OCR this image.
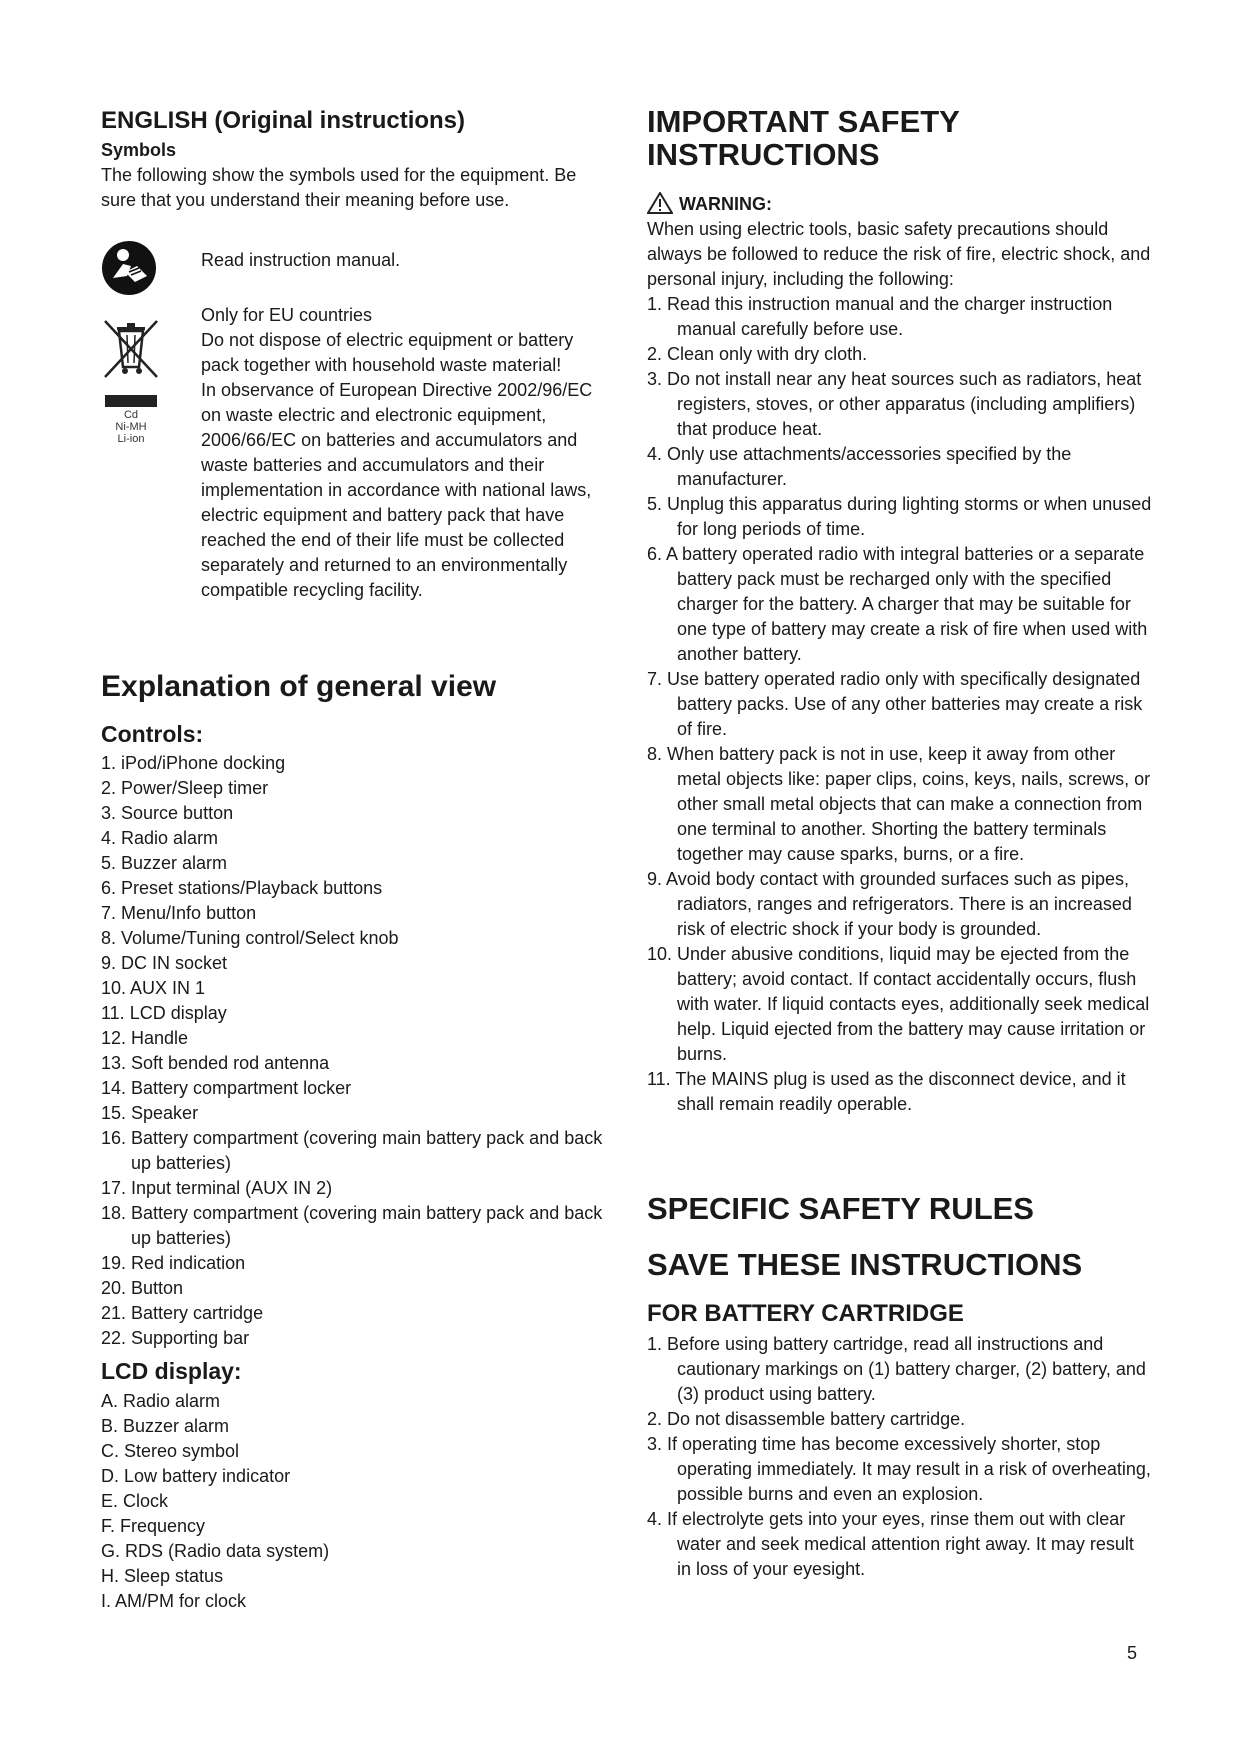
ENGLISH (Original instructions)
Symbols
The following show the symbols used for the equipment. Be sure that you understand their meaning before use.
Read instruction manual.
Cd
Ni-MH
Li-ion
Only for EU countries
Do not dispose of electric equipment or battery pack together with household waste material!
In observance of European Directive 2002/96/EC on waste electric and electronic equipment, 2006/66/EC on batteries and accumulators and waste batteries and accumulators and their implementation in accordance with national laws, electric equipment and battery pack that have reached the end of their life must be collected separately and returned to an environmentally compatible recycling facility.
Explanation of general view
Controls:
1. iPod/iPhone docking
2. Power/Sleep timer
3. Source button
4. Radio alarm
5. Buzzer alarm
6. Preset stations/Playback buttons
7. Menu/Info button
8. Volume/Tuning control/Select knob
9. DC IN socket
10. AUX IN 1
11. LCD display
12. Handle
13. Soft bended rod antenna
14. Battery compartment locker
15. Speaker
16. Battery compartment (covering main battery pack and back up batteries)
17. Input terminal (AUX IN 2)
18. Battery compartment (covering main battery pack and back up batteries)
19. Red indication
20. Button
21. Battery cartridge
22. Supporting bar
LCD display:
A. Radio alarm
B. Buzzer alarm
C. Stereo symbol
D. Low battery indicator
E. Clock
F. Frequency
G. RDS (Radio data system)
H. Sleep status
I. AM/PM for clock
IMPORTANT SAFETY INSTRUCTIONS
WARNING:
When using electric tools, basic safety precautions should always be followed to reduce the risk of fire, electric shock, and personal injury, including the following:
1. Read this instruction manual and the charger instruction manual carefully before use.
2. Clean only with dry cloth.
3. Do not install near any heat sources such as radiators, heat registers, stoves, or other apparatus (including amplifiers) that produce heat.
4. Only use attachments/accessories specified by the manufacturer.
5. Unplug this apparatus during lighting storms or when unused for long periods of time.
6. A battery operated radio with integral batteries or a separate battery pack must be recharged only with the specified charger for the battery. A charger that may be suitable for one type of battery may create a risk of fire when used with another battery.
7. Use battery operated radio only with specifically designated battery packs. Use of any other batteries may create a risk of fire.
8. When battery pack is not in use, keep it away from other metal objects like: paper clips, coins, keys, nails, screws, or other small metal objects that can make a connection from one terminal to another. Shorting the battery terminals together may cause sparks, burns, or a fire.
9. Avoid body contact with grounded surfaces such as pipes, radiators, ranges and refrigerators. There is an increased risk of electric shock if your body is grounded.
10. Under abusive conditions, liquid may be ejected from the battery; avoid contact. If contact accidentally occurs, flush with water. If liquid contacts eyes, additionally seek medical help. Liquid ejected from the battery may cause irritation or burns.
11. The MAINS plug is used as the disconnect device, and it shall remain readily operable.
SPECIFIC SAFETY RULES
SAVE THESE INSTRUCTIONS
FOR BATTERY CARTRIDGE
1. Before using battery cartridge, read all instructions and cautionary markings on (1) battery charger, (2) battery, and (3) product using battery.
2. Do not disassemble battery cartridge.
3. If operating time has become excessively shorter, stop operating immediately. It may result in a risk of overheating, possible burns and even an explosion.
4. If electrolyte gets into your eyes, rinse them out with clear water and seek medical attention right away. It may result in loss of your eyesight.
5
